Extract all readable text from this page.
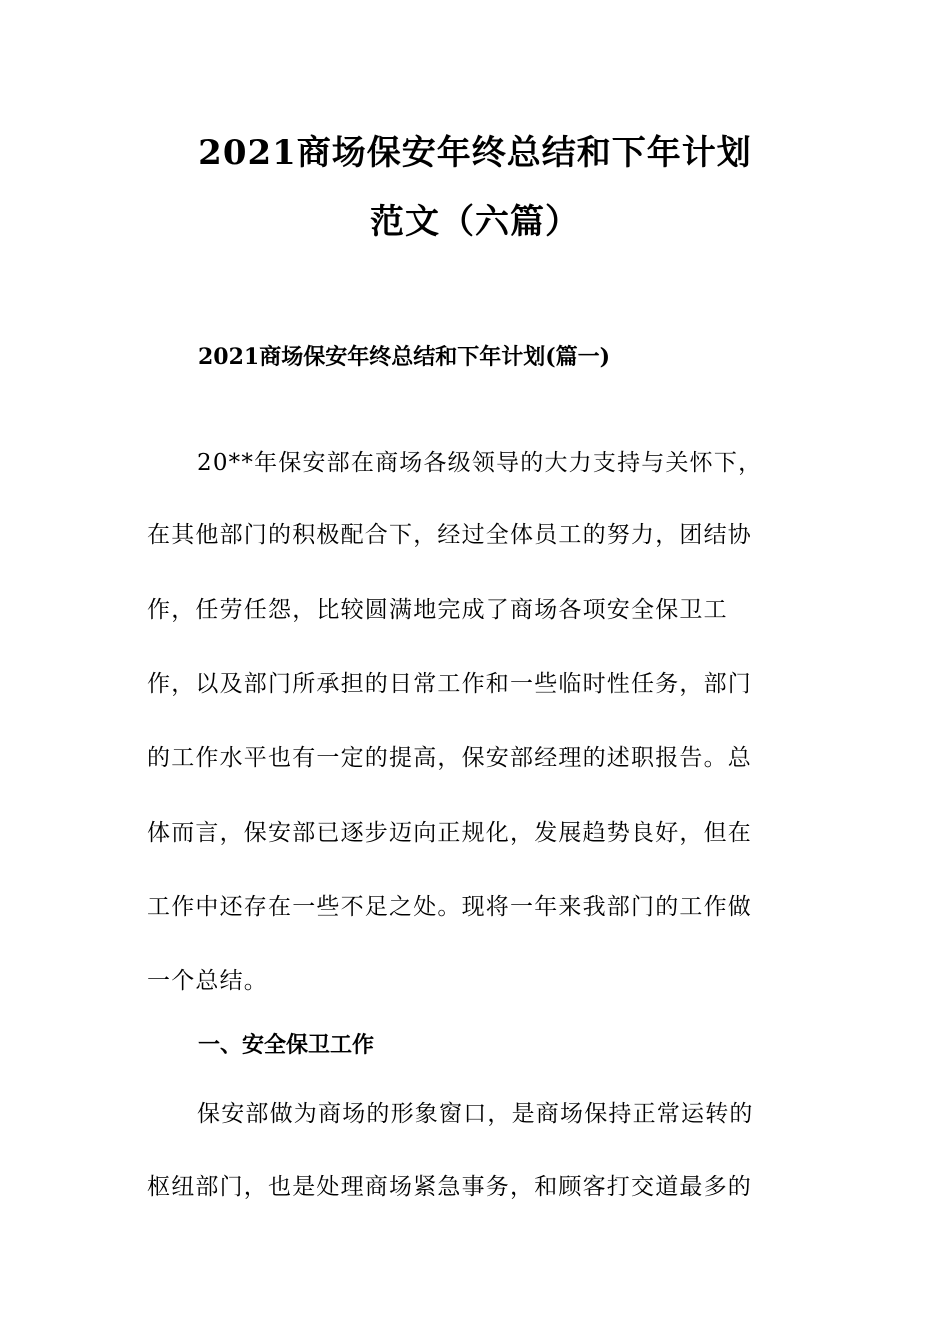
2021商场保安年终总结和下年计划
范文（六篇）
2021商场保安年终总结和下年计划(篇一)
20**年保安部在商场各级领导的大力支持与关怀下，
在其他部门的积极配合下，经过全体员工的努力，团结协
作，任劳任怨，比较圆满地完成了商场各项安全保卫工
作，以及部门所承担的日常工作和一些临时性任务，部门
的工作水平也有一定的提高，保安部经理的述职报告。总
体而言，保安部已逐步迈向正规化，发展趋势良好，但在
工作中还存在一些不足之处。现将一年来我部门的工作做
一个总结。
一、安全保卫工作
保安部做为商场的形象窗口，是商场保持正常运转的
枢纽部门，也是处理商场紧急事务，和顾客打交道最多的
